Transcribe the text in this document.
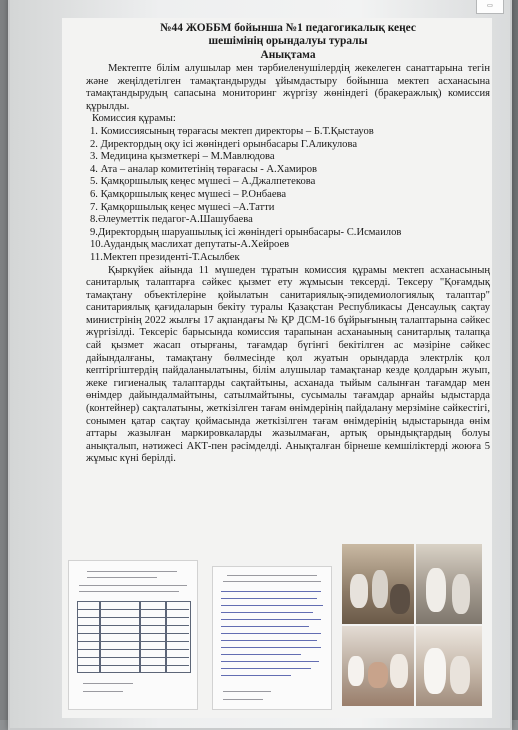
▭
№44 ЖОББМ бойынша №1 педагогикалық кеңес
шешімінің орындалуы туралы
Анықтама

Мектепте білім алушылар мен тәрбиеленушілердің жекелеген санаттарына тегін және жеңілдетілген тамақтандыруды ұйымдастыру бойынша мектеп асханасына тамақтандырудың сапасына мониторинг жүргізу жөніндегі (бракеражлық) комиссия құрылды.

Комиссия құрамы:
1. Комиссиясының төрағасы мектеп директоры – Б.Т.Қыстауов
2. Директордың оқу ісі жөніндегі орынбасары Г.Аликулова
3. Медицина қызметкері – М.Мавлюдова
4. Ата – аналар комитетінің төрағасы - А.Хамиров
5. Қамқоршылық кеңес мүшесі – А.Джалпетекова
6. Қамқоршылық кеңес мүшесі – Р.Онбаева
7. Қамқоршылық кеңес мүшесі –А.Татти
8.Әлеуметтік педагог-А.Шашубаева
9.Директордың шаруашылық ісі жөніндегі орынбасары- С.Исмаилов
10.Аудандық маслихат депутаты-А.Хейроев
11.Мектеп президенті-Т.Асылбек

Қыркүйек айында 11 мүшеден тұратын комиссия құрамы мектеп асханасының санитарлық талаптарға сәйкес қызмет ету жұмысын тексерді. Тексеру "Қоғамдық тамақтану объектілеріне қойылатын санитариялық-эпидемиологиялық талаптар" санитариялық қағидаларын бекіту туралы Қазақстан Республикасы Денсаулық сақтау министрінің 2022 жылғы 17 ақпандағы № ҚР ДСМ-16 бұйрығының талаптарына сәйкес жүргізілді. Тексеріс барысында комиссия тарапынан асханаының санитарлық талапқа сай қызмет жасап отырғаны, тағамдар бүгінгі бекітілген ас мәзіріне сәйкес дайындалғаны, тамақтану бөлмесінде қол жуатын орындарда электрлік қол кептіргіштердің пайдаланылатыны, білім алушылар тамақтанар кезде қолдарын жуып, жеке гигиеналық талаптарды сақтайтыны, асханада тыйым салынған тағамдар мен өнімдер дайындалмайтыны, сатылмайтыны, сусымалы тағамдар арнайы ыдыстарда (контейнер) сақталатыны, жеткізілген тағам өнімдерінің пайдалану мерзіміне сәйкестігі, сонымен қатар сақтау қоймасында жеткізілген тағам өнімдерінің ыдыстарында өнім аттары жазылған маркировкаларды жазылмаған, артық орындықтардың болуы анықталып, нәтижесі АКТ-пен рәсімделді. Анықталған бірнеше кемшіліктерді жоюға 5 жұмыс күні берілді.
